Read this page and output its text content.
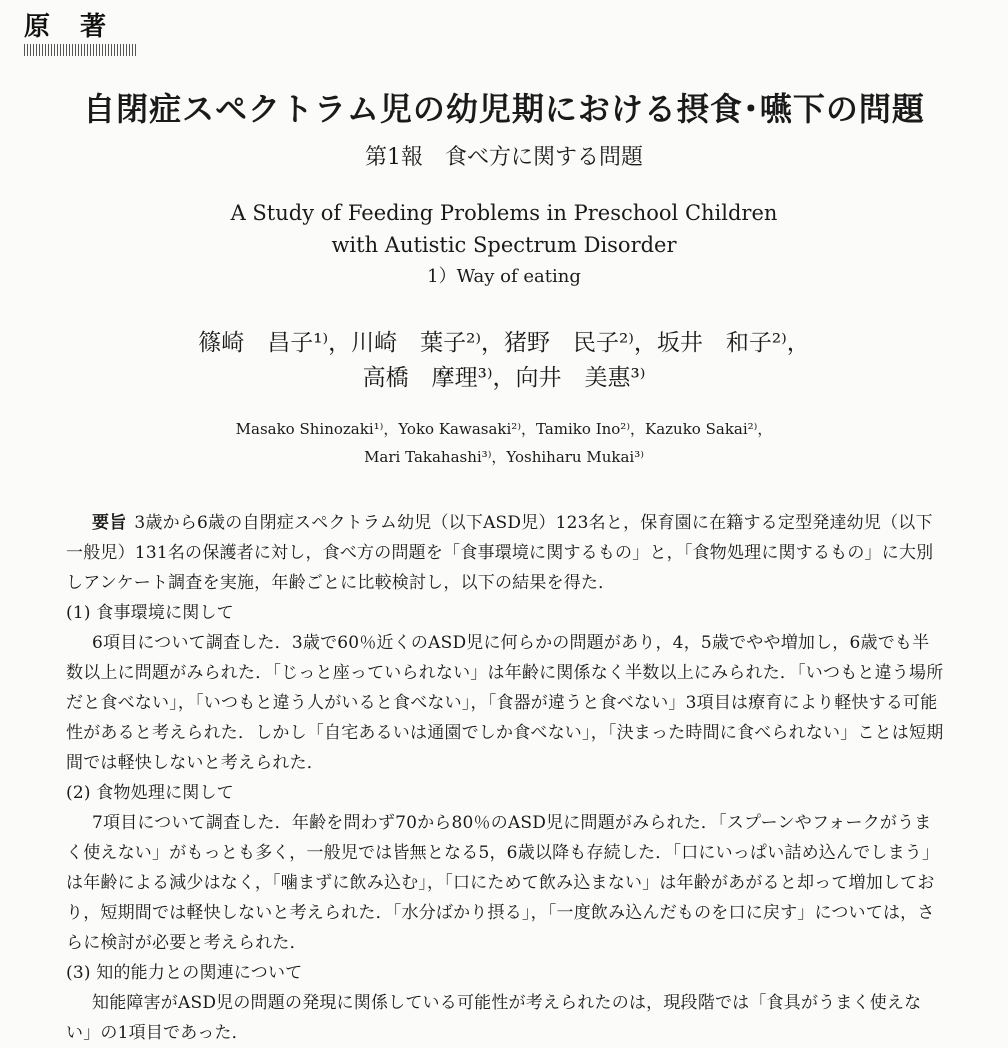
原　著
自閉症スペクトラム児の幼児期における摂食･嚥下の問題
第1報　食べ方に関する問題
A Study of Feeding Problems in Preschool Children
with Autistic Spectrum Disorder
1）Way of eating
篠崎　昌子¹⁾，川崎　葉子²⁾，猪野　民子²⁾，坂井　和子²⁾，
高橋　摩理³⁾，向井　美惠³⁾
Masako Shinozaki¹⁾，Yoko Kawasaki²⁾，Tamiko Ino²⁾，Kazuko Sakai²⁾，
Mari Takahashi³⁾，Yoshiharu Mukai³⁾

要旨 3歳から6歳の自閉症スペクトラム幼児（以下ASD児）123名と，保育園に在籍する定型発達幼児（以下一般児）131名の保護者に対し，食べ方の問題を「食事環境に関するもの」と，「食物処理に関するもの」に大別しアンケート調査を実施，年齢ごとに比較検討し，以下の結果を得た．

(1) 食事環境に関して

6項目について調査した．3歳で60％近くのASD児に何らかの問題があり，4，5歳でやや増加し，6歳でも半数以上に問題がみられた．「じっと座っていられない」は年齢に関係なく半数以上にみられた．「いつもと違う場所だと食べない」，「いつもと違う人がいると食べない」，「食器が違うと食べない」3項目は療育により軽快する可能性があると考えられた．しかし「自宅あるいは通園でしか食べない」，「決まった時間に食べられない」ことは短期間では軽快しないと考えられた．

(2) 食物処理に関して

7項目について調査した．年齢を問わず70から80％のASD児に問題がみられた．「スプーンやフォークがうまく使えない」がもっとも多く，一般児では皆無となる5，6歳以降も存続した．「口にいっぱい詰め込んでしまう」は年齢による減少はなく，「噛まずに飲み込む」，「口にためて飲み込まない」は年齢があがると却って増加しており，短期間では軽快しないと考えられた．「水分ばかり摂る」，「一度飲み込んだものを口に戻す」については，さらに検討が必要と考えられた．

(3) 知的能力との関連について

知能障害がASD児の問題の発現に関係している可能性が考えられたのは，現段階では「食具がうまく使えない」の1項目であった．
